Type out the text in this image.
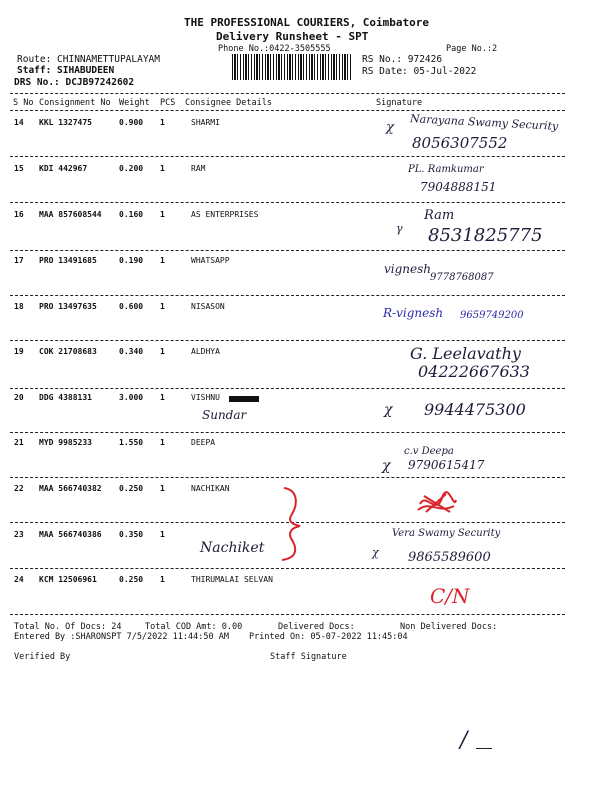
THE PROFESSIONAL COURIERS, Coimbatore
Delivery Runsheet - SPT
Phone No.:0422-3505555	Page No.:2
Route: CHINNAMETTUPALAYAM
Staff: SIHABUDEEN
DRS No.: DCJB97242602
RS No.: 972426
RS Date: 05-Jul-2022
S No Consignment No Weight PCS Consignee Details	Signature
14 KKL 1327475	0.900 1	SHARMI	χ Narayana Swamy Security
8056307552
15 KDI 442967	0.200 1	RAM	PL. Ramkumar
7904888151
16 MAA 857608544 0.160 1	AS ENTERPRISES
γ
Ram
8531825775
17 PRO 13491685	0.190 1	WHATSAPP
vignesh
9778768087
18 PRO 13497635	0.600 1	NISASON	R-vignesh 9659749200
19 COK 21708683	0.340 1	ALDHYA	G. Leelavathy
04222667633
20 DDG 4388131	3.000 1	VISHNU
Sundar	χ 9944475300
21 MYD 9985233	1.550 1	DEEPA
χ
c.v Deepa
9790615417
22 MAA 566740382 0.250 1	NACHIKAN
23 MAA 566740386 0.350 1
Nachiket	χ
Vera Swamy Security
9865589600
24 KCM 12506961	0.250 1	THIRUMALAI SELVAN
C/N
Total No. Of Docs: 24	Total COD Amt: 0.00	Delivered Docs:	Non Delivered Docs:
Entered By :SHARONSPT 7/5/2022 11:44:50 AM Printed On: 05-07-2022 11:45:04
Verified By	Staff Signature
/
